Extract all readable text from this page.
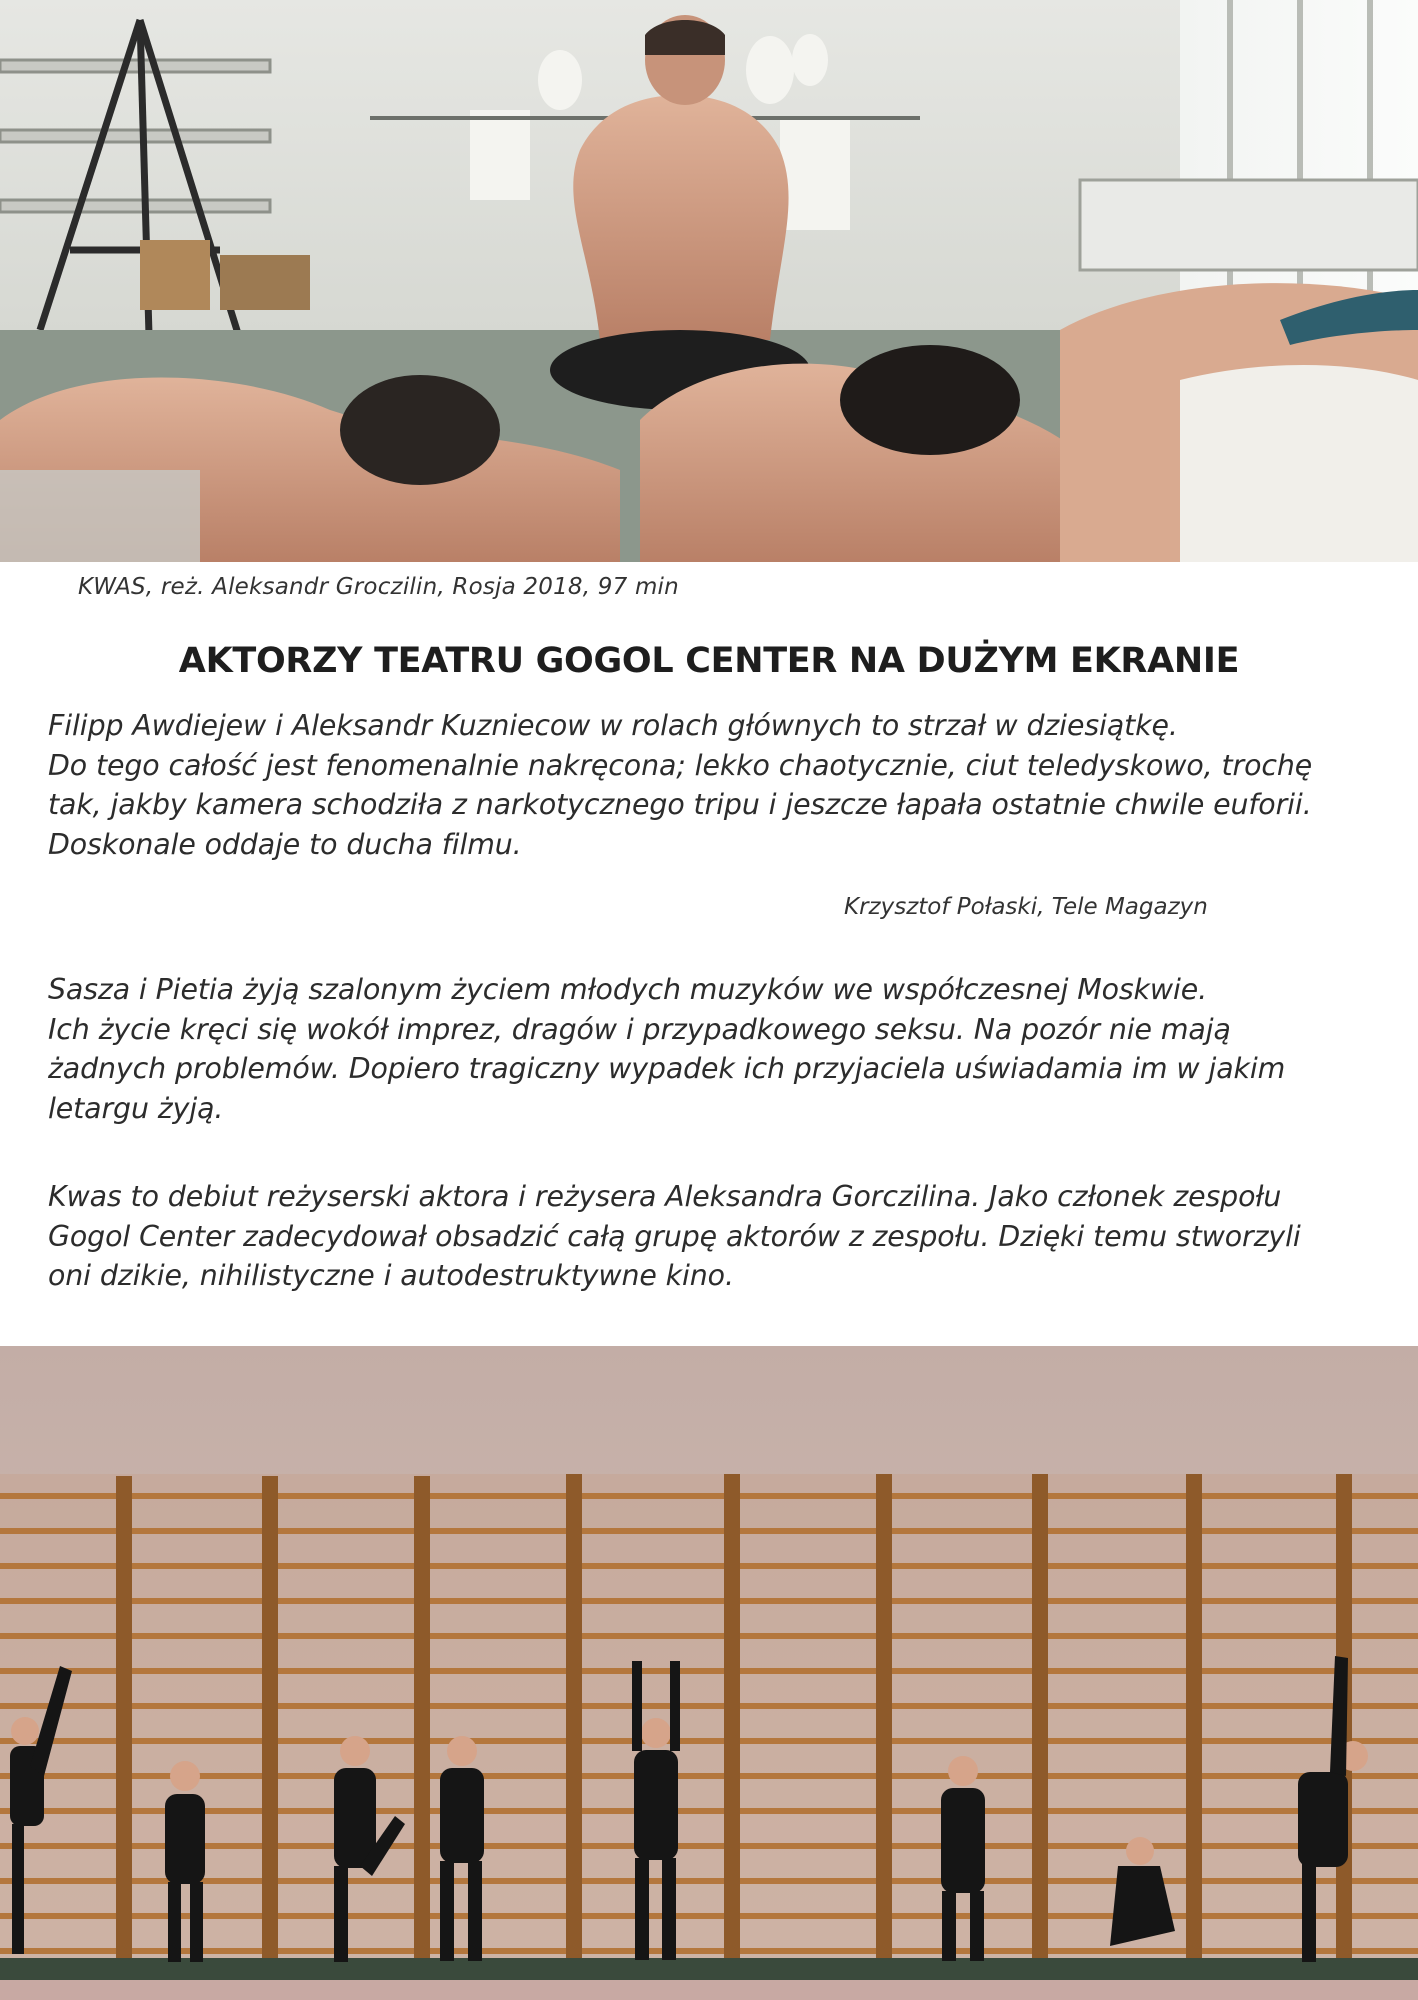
KWAS, reż. Aleksandr Groczilin, Rosja 2018, 97 min
AKTORZY TEATRU GOGOL CENTER NA DUŻYM EKRANIE
Filipp Awdiejew i Aleksandr Kuzniecow w rolach głównych to strzał w dziesiątkę.
Do tego całość jest fenomenalnie nakręcona; lekko chaotycznie, ciut teledyskowo, trochę
tak, jakby kamera schodziła z narkotycznego tripu i jeszcze łapała ostatnie chwile euforii.
Doskonale oddaje to ducha filmu.
Krzysztof Połaski, Tele Magazyn
Sasza i Pietia żyją szalonym życiem młodych muzyków we współczesnej Moskwie.
Ich życie kręci się wokół imprez, dragów i przypadkowego seksu. Na pozór nie mają
żadnych problemów. Dopiero tragiczny wypadek ich przyjaciela uświadamia im w jakim
letargu żyją.
Kwas to debiut reżyserski aktora i reżysera Aleksandra Gorczilina. Jako członek zespołu
Gogol Center zadecydował obsadzić całą grupę aktorów z zespołu. Dzięki temu stworzyli
oni dzikie, nihilistyczne i autodestruktywne kino.
